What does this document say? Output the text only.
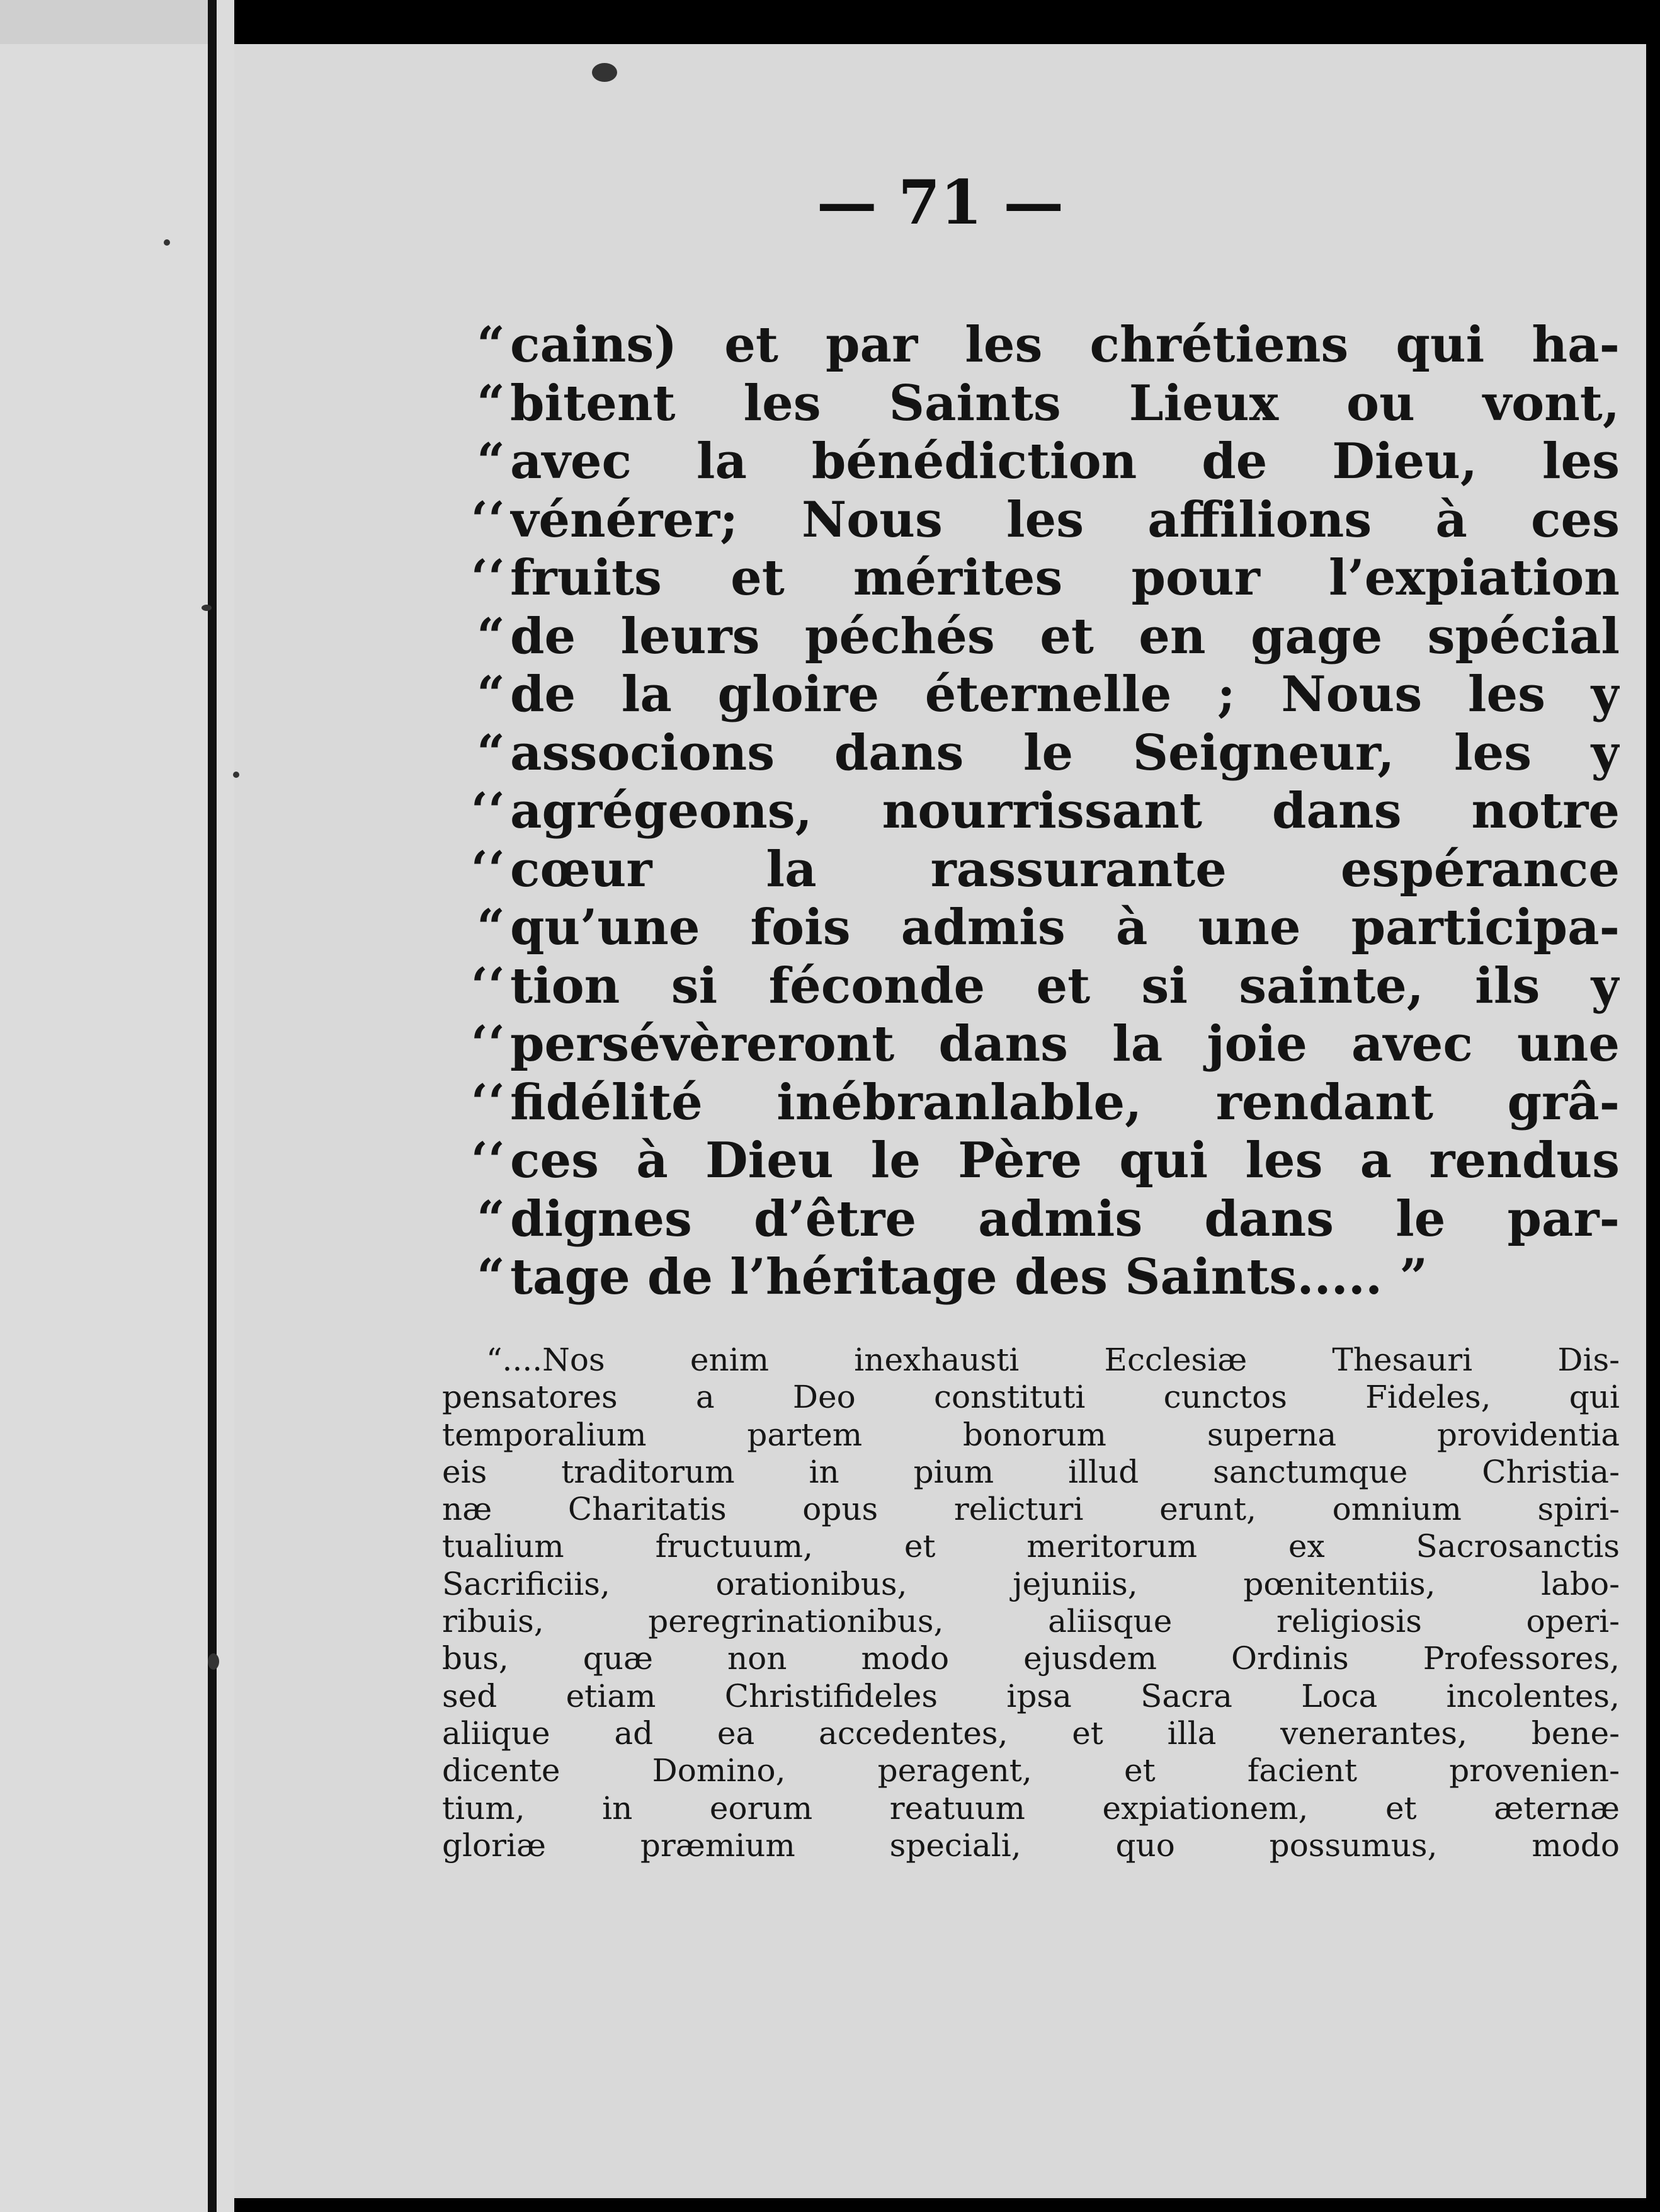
— 71 —
“ cains) et par les chrétiens qui ha-
“ bitent les Saints Lieux ou vont,
“ avec la bénédiction de Dieu, les
‘‘ vénérer; Nous les affilions à ces
‘‘ fruits et mérites pour l’expiation
“ de leurs péchés et en gage spécial
“ de la gloire éternelle ; Nous les y
“ associons dans le Seigneur, les y
‘‘ agrégeons, nourrissant dans notre
‘‘ cœur la rassurante espérance
“ qu’une fois admis à une participa-
‘‘ tion si féconde et si sainte, ils y
‘‘ persévèreront dans la joie avec une
‘‘ fidélité inébranlable, rendant grâ-
‘‘ ces à Dieu le Père qui les a rendus
“ dignes d’être admis dans le par-
“ tage de l’héritage des Saints..... ”
“....Nos enim inexhausti Ecclesiæ Thesauri Dis-
pensatores a Deo constituti cunctos Fideles, qui
temporalium partem bonorum superna providentia
eis traditorum in pium illud sanctumque Christia-
næ Charitatis opus relicturi erunt, omnium spiri-
tualium fructuum, et meritorum ex Sacrosanctis
Sacrificiis, orationibus, jejuniis, pœnitentiis, labo-
ribuis, peregrinationibus, aliisque religiosis operi-
bus, quæ non modo ejusdem Ordinis Professores,
sed etiam Christifideles ipsa Sacra Loca incolentes,
aliique ad ea accedentes, et illa venerantes, bene-
dicente Domino, peragent, et facient provenien-
tium, in eorum reatuum expiationem, et æternæ
gloriæ præmium speciali, quo possumus, modo
